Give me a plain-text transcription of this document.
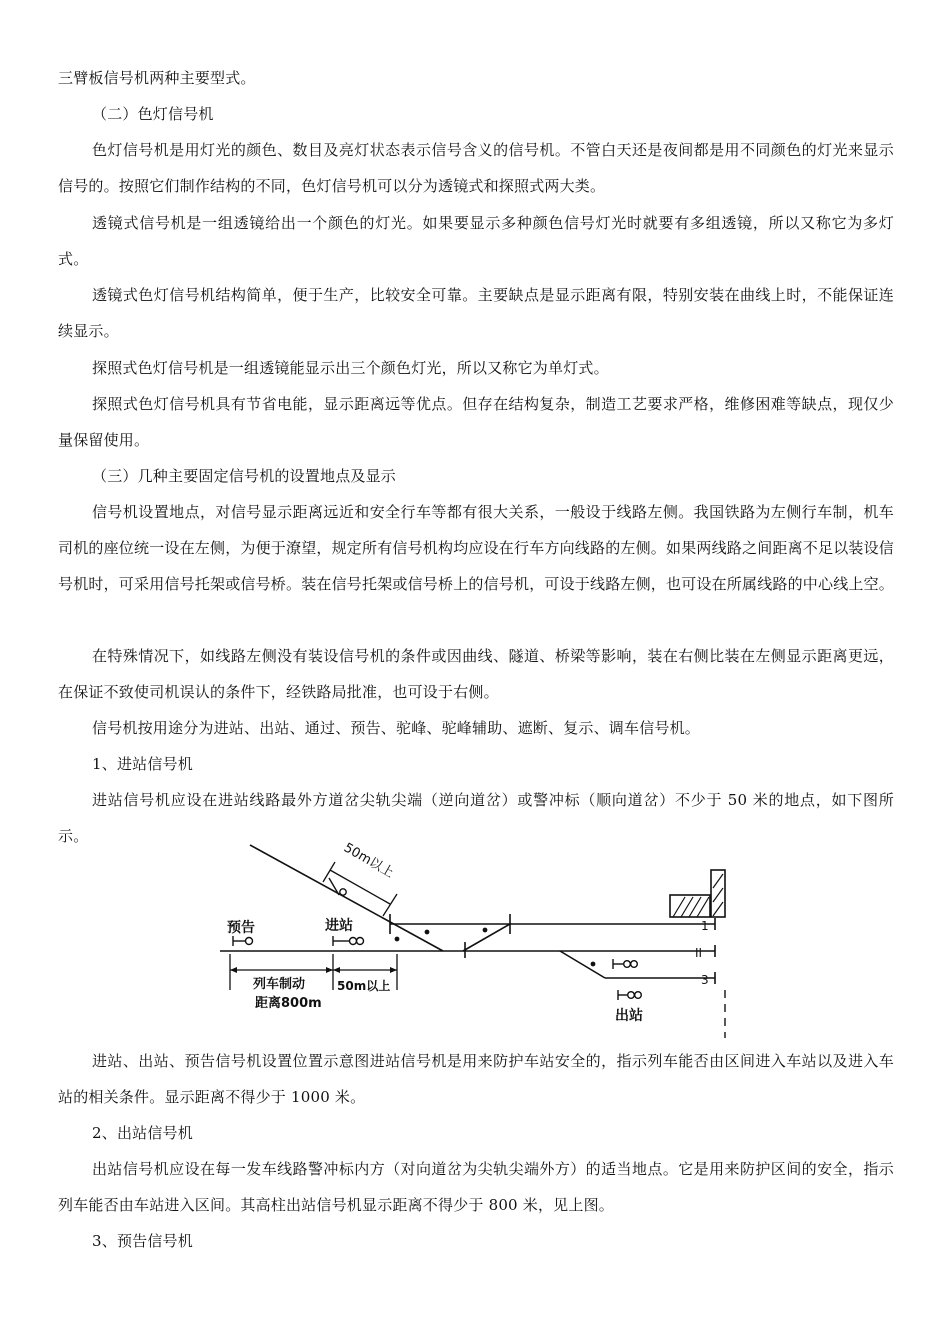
三臂板信号机两种主要型式。

（二）色灯信号机

色灯信号机是用灯光的颜色、数目及亮灯状态表示信号含义的信号机。不管白天还是夜间都是用不同颜色的灯光来显示信号的。按照它们制作结构的不同，色灯信号机可以分为透镜式和探照式两大类。

透镜式信号机是一组透镜给出一个颜色的灯光。如果要显示多种颜色信号灯光时就要有多组透镜，所以又称它为多灯式。

透镜式色灯信号机结构简单，便于生产，比较安全可靠。主要缺点是显示距离有限，特别安装在曲线上时，不能保证连续显示。

探照式色灯信号机是一组透镜能显示出三个颜色灯光，所以又称它为单灯式。

探照式色灯信号机具有节省电能，显示距离远等优点。但存在结构复杂，制造工艺要求严格，维修困难等缺点，现仅少量保留使用。

（三）几种主要固定信号机的设置地点及显示

信号机设置地点，对信号显示距离远近和安全行车等都有很大关系，一般设于线路左侧。我国铁路为左侧行车制，机车司机的座位统一设在左侧，为便于潦望，规定所有信号机构均应设在行车方向线路的左侧。如果两线路之间距离不足以装设信号机时，可采用信号托架或信号桥。装在信号托架或信号桥上的信号机，可设于线路左侧，也可设在所属线路的中心线上空。

在特殊情况下，如线路左侧没有装设信号机的条件或因曲线、隧道、桥梁等影响，装在右侧比装在左侧显示距离更远，在保证不致使司机误认的条件下，经铁路局批准，也可设于右侧。

信号机按用途分为进站、出站、通过、预告、驼峰、驼峰辅助、遮断、复示、调车信号机。

1、进站信号机

进站信号机应设在进站线路最外方道岔尖轨尖端（逆向道岔）或警冲标（顺向道岔）不少于 50 米的地点，如下图所示。

50m以上
预告	进站
出站
1
II
3
列车制动
距离800m
50m以上

进站、出站、预告信号机设置位置示意图进站信号机是用来防护车站安全的，指示列车能否由区间进入车站以及进入车站的相关条件。显示距离不得少于 1000 米。

2、出站信号机

出站信号机应设在每一发车线路警冲标内方（对向道岔为尖轨尖端外方）的适当地点。它是用来防护区间的安全，指示列车能否由车站进入区间。其高柱出站信号机显示距离不得少于 800 米，见上图。

3、预告信号机
